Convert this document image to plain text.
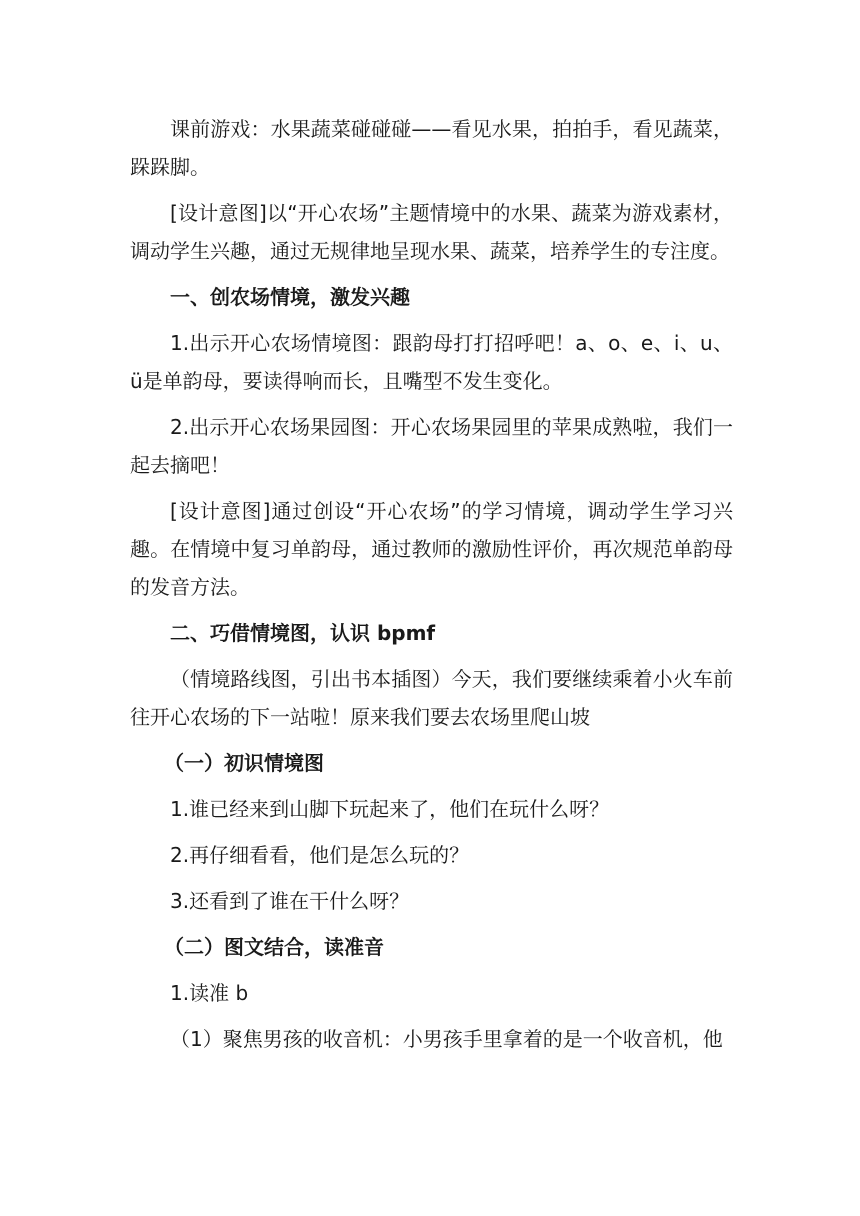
课前游戏：水果蔬菜碰碰碰——看见水果，拍拍手，看见蔬菜，跺跺脚。

[设计意图]以“开心农场”主题情境中的水果、蔬菜为游戏素材，调动学生兴趣，通过无规律地呈现水果、蔬菜，培养学生的专注度。

一、创农场情境，激发兴趣

1.出示开心农场情境图：跟韵母打打招呼吧！a、o、e、i、u、ü是单韵母，要读得响而长，且嘴型不发生变化。

2.出示开心农场果园图：开心农场果园里的苹果成熟啦，我们一起去摘吧！

[设计意图]通过创设“开心农场”的学习情境，调动学生学习兴趣。在情境中复习单韵母，通过教师的激励性评价，再次规范单韵母的发音方法。

二、巧借情境图，认识 bpmf

（情境路线图，引出书本插图）今天，我们要继续乘着小火车前往开心农场的下一站啦！原来我们要去农场里爬山坡

（一）初识情境图

1.谁已经来到山脚下玩起来了，他们在玩什么呀？

2.再仔细看看，他们是怎么玩的？

3.还看到了谁在干什么呀？

（二）图文结合，读准音

1.读准 b

（1）聚焦男孩的收音机：小男孩手里拿着的是一个收音机，他
